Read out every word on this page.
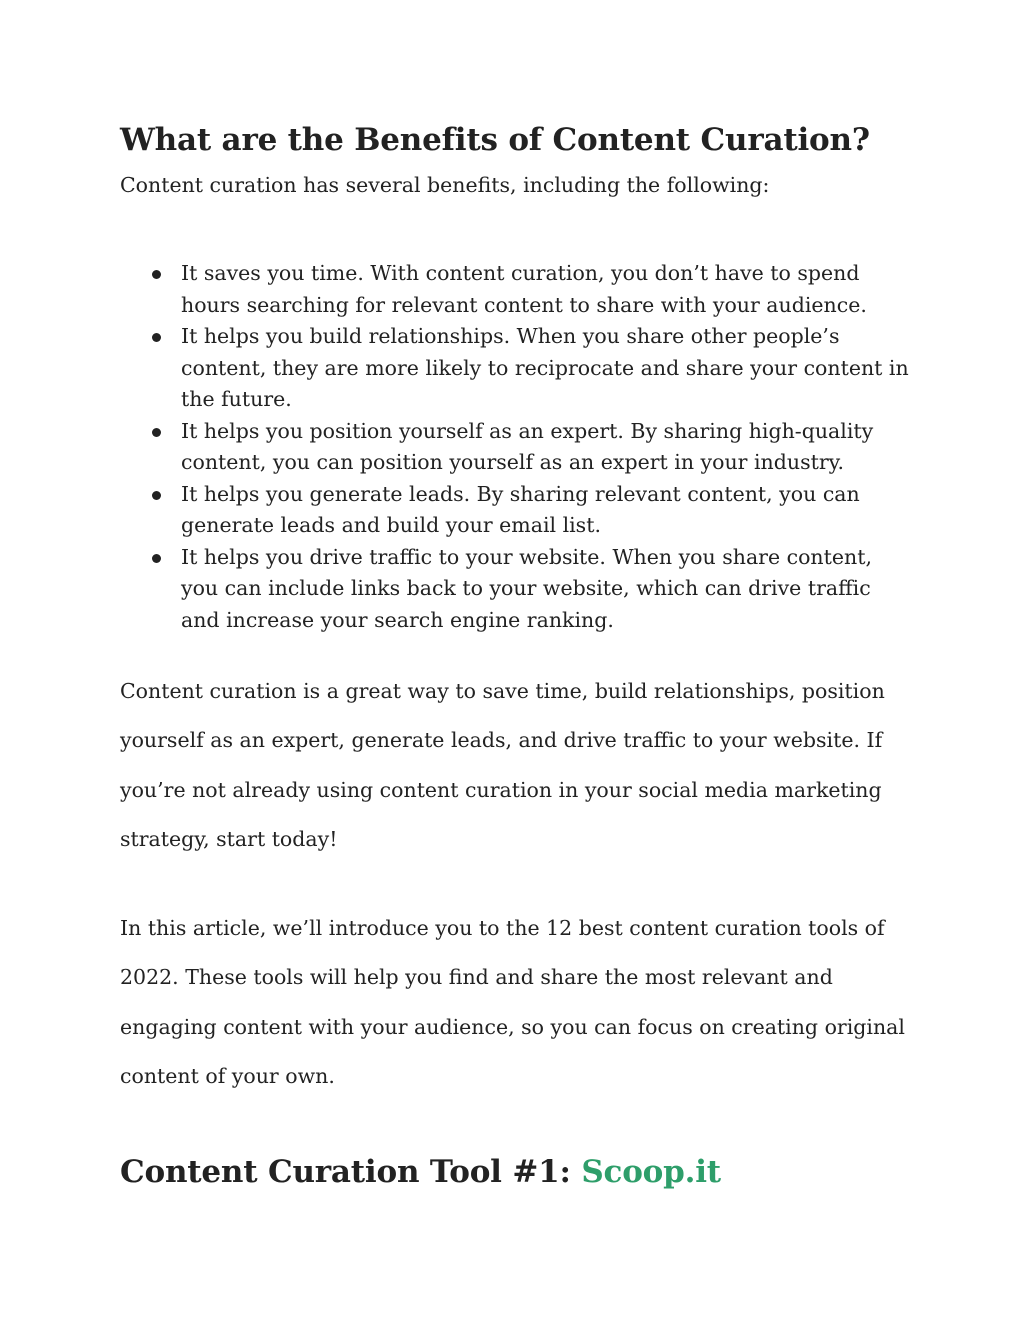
What are the Benefits of Content Curation?

Content curation has several benefits, including the following:

It saves you time. With content curation, you don’t have to spend hours searching for relevant content to share with your audience.
It helps you build relationships. When you share other people’s content, they are more likely to reciprocate and share your content in the future.
It helps you position yourself as an expert. By sharing high-quality content, you can position yourself as an expert in your industry.
It helps you generate leads. By sharing relevant content, you can generate leads and build your email list.
It helps you drive traffic to your website. When you share content, you can include links back to your website, which can drive traffic and increase your search engine ranking.

Content curation is a great way to save time, build relationships, position yourself as an expert, generate leads, and drive traffic to your website. If you’re not already using content curation in your social media marketing strategy, start today!

In this article, we’ll introduce you to the 12 best content curation tools of 2022. These tools will help you find and share the most relevant and engaging content with your audience, so you can focus on creating original content of your own.

Content Curation Tool #1: Scoop.it
